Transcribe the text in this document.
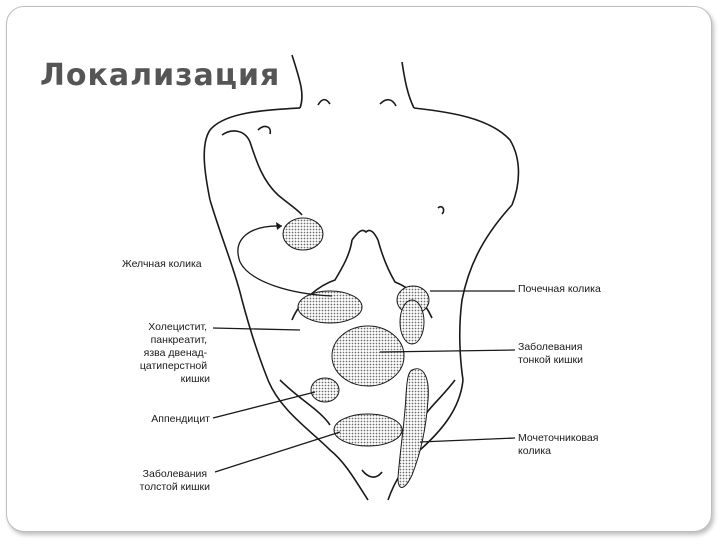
Локализация
Желчная колика
Холецистит, панкреатит, язва двенад- цатиперстной кишки
Аппендицит
Заболевания толстой кишки
Почечная колика
Заболевания тонкой кишки
Мочеточниковая колика
